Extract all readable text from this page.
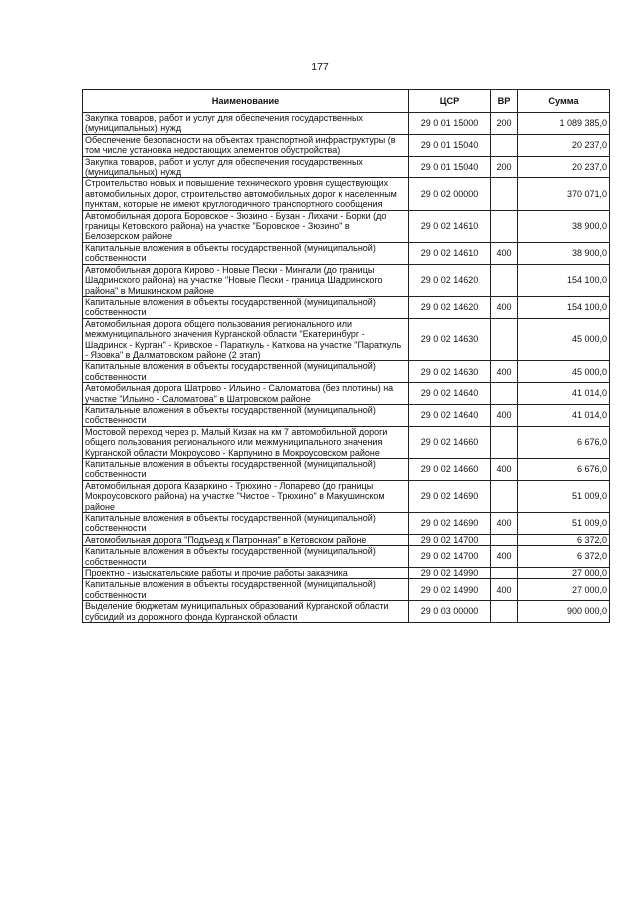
177
Наименование	ЦСР	ВР	Сумма
Закупка товаров, работ и услуг для обеспечения государственных (муниципальных) нужд	29 0 01 15000	200	1 089 385,0
Обеспечение безопасности на объектах транспортной инфраструктуры (в том числе установка недостающих элементов обустройства)	29 0 01 15040		20 237,0
Закупка товаров, работ и услуг для обеспечения государственных (муниципальных) нужд	29 0 01 15040	200	20 237,0
Строительство новых и повышение технического уровня существующих автомобильных дорог, строительство автомобильных дорог к населенным пунктам, которые не имеют круглогодичного транспортного сообщения	29 0 02 00000		370 071,0
Автомобильная дорога Боровское - Зюзино - Бузан - Лихачи - Борки (до границы Кетовского района) на участке "Боровское - Зюзино" в Белозерском районе	29 0 02 14610		38 900,0
Капитальные вложения в объекты государственной (муниципальной) собственности	29 0 02 14610	400	38 900,0
Автомобильная дорога Кирово - Новые Пески - Мингали (до границы Шадринского района) на участке "Новые Пески - граница Шадринского района" в Мишкинском районе	29 0 02 14620		154 100,0
Капитальные вложения в объекты государственной (муниципальной) собственности	29 0 02 14620	400	154 100,0
Автомобильная дорога общего пользования регионального или межмуниципального значения Курганской области "Екатеринбург - Шадринск - Курган" - Кривское - Параткуль - Каткова на участке "Параткуль - Язовка" в Далматовском районе (2 этап)	29 0 02 14630		45 000,0
Капитальные вложения в объекты государственной (муниципальной) собственности	29 0 02 14630	400	45 000,0
Автомобильная дорога Шатрово - Ильино - Саломатова (без плотины) на участке "Ильино - Саломатова" в Шатровском районе	29 0 02 14640		41 014,0
Капитальные вложения в объекты государственной (муниципальной) собственности	29 0 02 14640	400	41 014,0
Мостовой переход через р. Малый Кизак на км 7 автомобильной дороги общего пользования регионального или межмуниципального значения Курганской области Мокроусово - Карпунино в Мокроусовском районе	29 0 02 14660		6 676,0
Капитальные вложения в объекты государственной (муниципальной) собственности	29 0 02 14660	400	6 676,0
Автомобильная дорога Казаркино - Трюхино - Лопарево (до границы Мокроусовского района) на участке "Чистое - Трюхино" в Макушинском районе	29 0 02 14690		51 009,0
Капитальные вложения в объекты государственной (муниципальной) собственности	29 0 02 14690	400	51 009,0
Автомобильная дорога "Подъезд к Патронная" в Кетовском районе	29 0 02 14700		6 372,0
Капитальные вложения в объекты государственной (муниципальной) собственности	29 0 02 14700	400	6 372,0
Проектно - изыскательские работы и прочие работы заказчика	29 0 02 14990		27 000,0
Капитальные вложения в объекты государственной (муниципальной) собственности	29 0 02 14990	400	27 000,0
Выделение бюджетам муниципальных образований Курганской области субсидий из дорожного фонда Курганской области	29 0 03 00000		900 000,0
